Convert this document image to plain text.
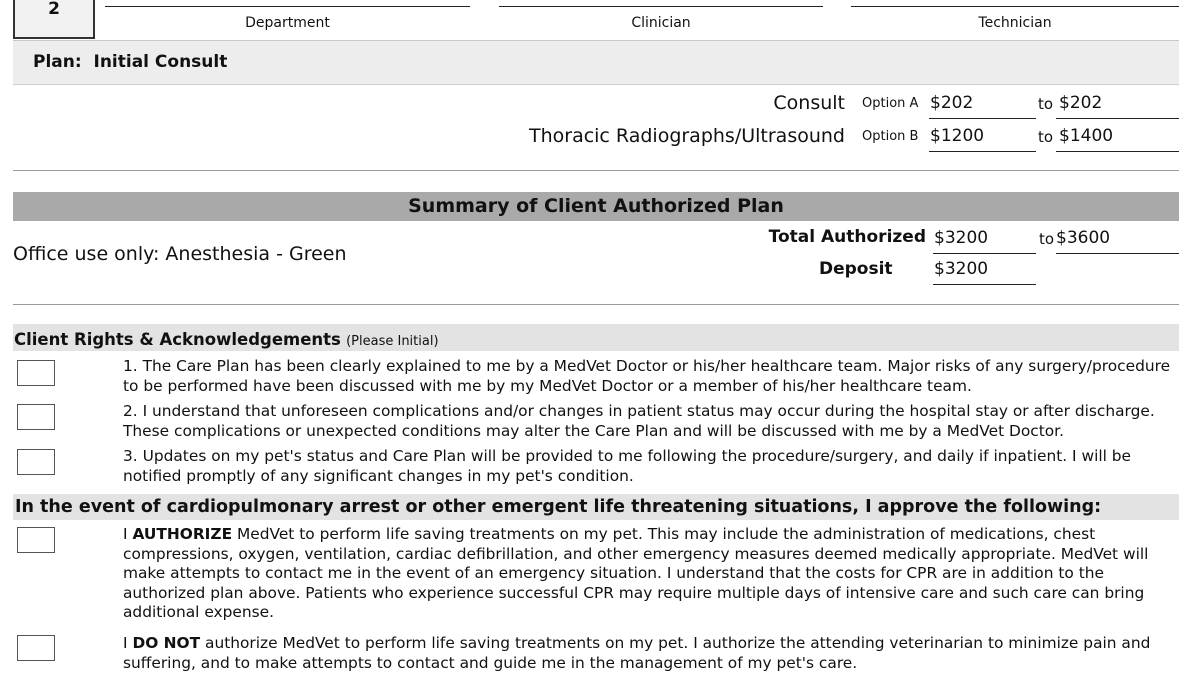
2
Department	Clinician	Technician
Plan:  Initial Consult
Consult Option A $202	to $202
Thoracic Radiographs/Ultrasound Option B $1200	to $1400
Summary of Client Authorized Plan
Office use only: Anesthesia - Green
Total Authorized $3200	to $3600
Deposit $3200
Client Rights & Acknowledgements (Please Initial)
1. The Care Plan has been clearly explained to me by a MedVet Doctor or his/her healthcare team. Major risks of any surgery/procedure to be performed have been discussed with me by my MedVet Doctor or a member of his/her healthcare team.
2. I understand that unforeseen complications and/or changes in patient status may occur during the hospital stay or after discharge. These complications or unexpected conditions may alter the Care Plan and will be discussed with me by a MedVet Doctor.
3. Updates on my pet's status and Care Plan will be provided to me following the procedure/surgery, and daily if inpatient. I will be notified promptly of any significant changes in my pet's condition.
In the event of cardiopulmonary arrest or other emergent life threatening situations, I approve the following:
I AUTHORIZE MedVet to perform life saving treatments on my pet. This may include the administration of medications, chest compressions, oxygen, ventilation, cardiac defibrillation, and other emergency measures deemed medically appropriate. MedVet will make attempts to contact me in the event of an emergency situation. I understand that the costs for CPR are in addition to the authorized plan above. Patients who experience successful CPR may require multiple days of intensive care and such care can bring additional expense.
I DO NOT authorize MedVet to perform life saving treatments on my pet. I authorize the attending veterinarian to minimize pain and suffering, and to make attempts to contact and guide me in the management of my pet's care.
